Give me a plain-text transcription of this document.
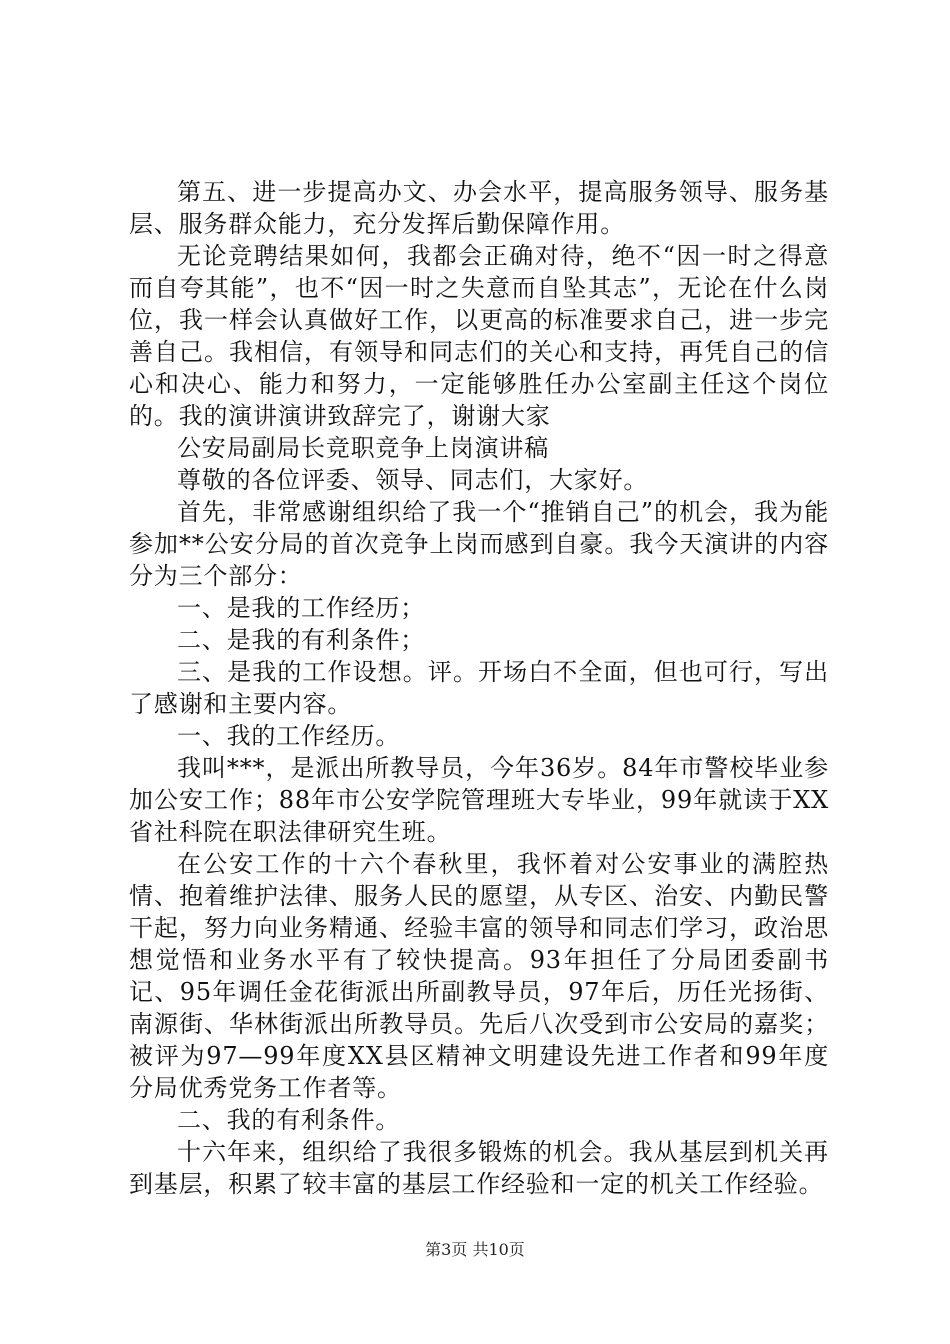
第五、进一步提高办文、办会水平，提高服务领导、服务基层、服务群众能力，充分发挥后勤保障作用。

无论竞聘结果如何，我都会正确对待，绝不“因一时之得意而自夸其能”，也不“因一时之失意而自坠其志”，无论在什么岗位，我一样会认真做好工作，以更高的标准要求自己，进一步完善自己。我相信，有领导和同志们的关心和支持，再凭自己的信心和决心、能力和努力，一定能够胜任办公室副主任这个岗位的。我的演讲演讲致辞完了，谢谢大家

公安局副局长竞职竞争上岗演讲稿

尊敬的各位评委、领导、同志们，大家好。

首先，非常感谢组织给了我一个“推销自己”的机会，我为能参加**公安分局的首次竞争上岗而感到自豪。我今天演讲的内容分为三个部分：

一、是我的工作经历；

二、是我的有利条件；

三、是我的工作设想。评。开场白不全面，但也可行，写出了感谢和主要内容。

一、我的工作经历。

我叫***，是派出所教导员，今年36岁。84年市警校毕业参加公安工作；88年市公安学院管理班大专毕业，99年就读于XX省社科院在职法律研究生班。

在公安工作的十六个春秋里，我怀着对公安事业的满腔热情、抱着维护法律、服务人民的愿望，从专区、治安、内勤民警干起，努力向业务精通、经验丰富的领导和同志们学习，政治思想觉悟和业务水平有了较快提高。93年担任了分局团委副书记、95年调任金花街派出所副教导员，97年后，历任光扬街、南源街、华林街派出所教导员。先后八次受到市公安局的嘉奖；被评为97—99年度XX县区精神文明建设先进工作者和99年度分局优秀党务工作者等。

二、我的有利条件。

十六年来，组织给了我很多锻炼的机会。我从基层到机关再到基层，积累了较丰富的基层工作经验和一定的机关工作经验。

第3页 共10页
